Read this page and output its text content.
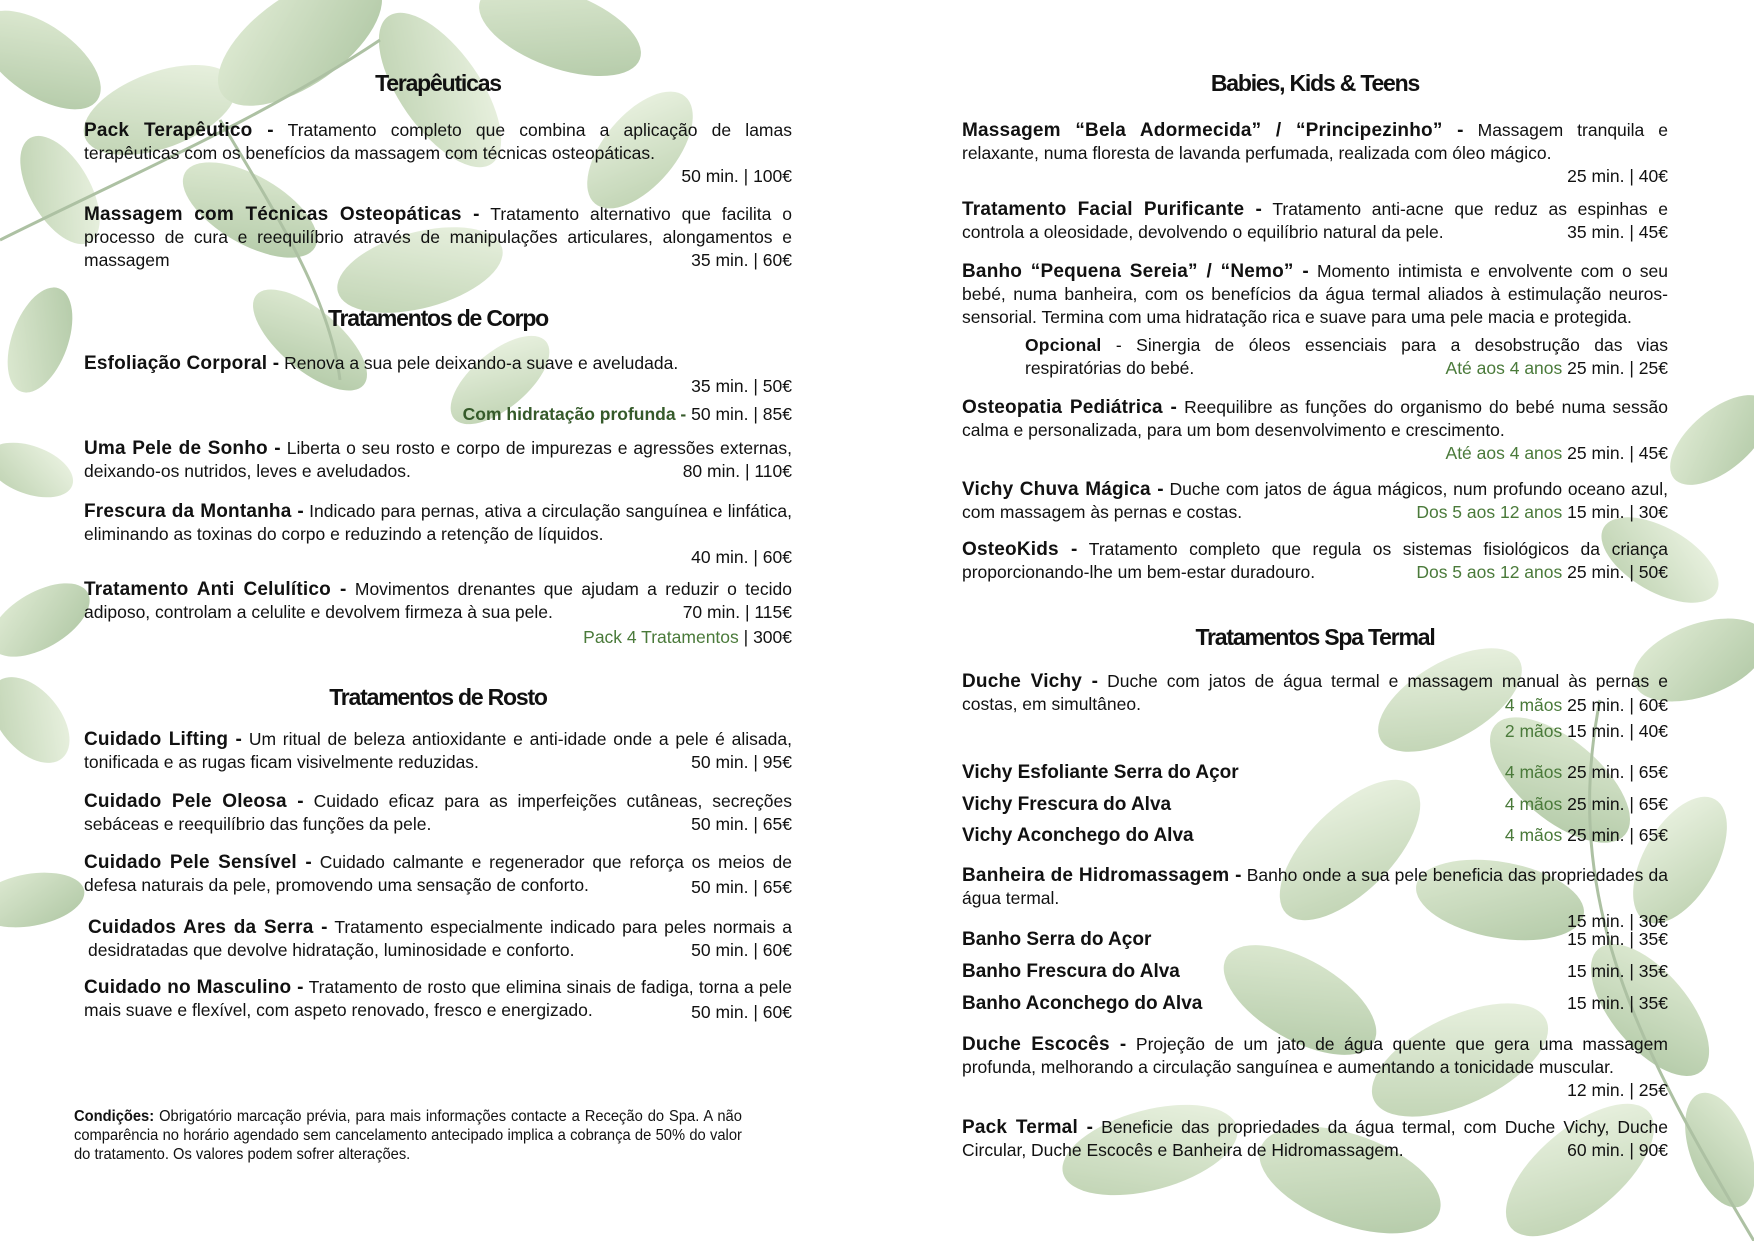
Terapêuticas
Pack Terapêutico - Tratamento completo que combina a aplicação de lamas terapêuticas com os benefícios da massagem com técnicas osteopáticas.
50 min. | 100€
Massagem com Técnicas Osteopáticas - Tratamento alternativo que facilita o processo de cura e reequilíbrio através de manipulações articulares, alongamentos e massagem	35 min. | 60€
Tratamentos de Corpo
Esfoliação Corporal - Renova a sua pele deixando-a suave e aveludada.
35 min. | 50€
Com hidratação profunda - 50 min. | 85€
Uma Pele de Sonho - Liberta o seu rosto e corpo de impurezas e agressões externas, deixando-os nutridos, leves e aveludados.	80 min. | 110€
Frescura da Montanha - Indicado para pernas, ativa a circulação sanguínea e linfática, eliminando as toxinas do corpo e reduzindo a retenção de líquidos.
40 min. | 60€
Tratamento Anti Celulítico - Movimentos drenantes que ajudam a reduzir o tecido adiposo, controlam a celulite e devolvem firmeza à sua pele.	70 min. | 115€
Pack 4 Tratamentos | 300€
Tratamentos de Rosto
Cuidado Lifting - Um ritual de beleza antioxidante e anti-idade onde a pele é alisada, tonificada e as rugas ficam visivelmente reduzidas.	50 min. | 95€
Cuidado Pele Oleosa - Cuidado eficaz para as imperfeições cutâneas, secreções sebáceas e reequilíbrio das funções da pele.	50 min. | 65€
Cuidado Pele Sensível - Cuidado calmante e regenerador que reforça os meios de defesa naturais da pele, promovendo uma sensação de conforto.	50 min. | 65€
Cuidados Ares da Serra - Tratamento especialmente indicado para peles normais a desidratadas que devolve hidratação, luminosidade e conforto.	50 min. | 60€
Cuidado no Masculino - Tratamento de rosto que elimina sinais de fadiga, torna a pele mais suave e flexível, com aspeto renovado, fresco e energizado.	50 min. | 60€
Condições: Obrigatório marcação prévia, para mais informações contacte a Receção do Spa. A não comparência no horário agendado sem cancelamento antecipado implica a cobrança de 50% do valor do tratamento. Os valores podem sofrer alterações.
Babies, Kids & Teens
Massagem “Bela Adormecida” / “Principezinho” - Massagem tranquila e relaxante, numa floresta de lavanda perfumada, realizada com óleo mágico.
25 min. | 40€
Tratamento Facial Purificante - Tratamento anti-acne que reduz as espinhas e controla a oleosidade, devolvendo o equilíbrio natural da pele.	35 min. | 45€
Banho “Pequena Sereia” / “Nemo” - Momento intimista e envolvente com o seu bebé, numa banheira, com os benefícios da água termal aliados à estimulação neuros-sensorial. Termina com uma hidratação rica e suave para uma pele macia e protegida.
Opcional - Sinergia de óleos essenciais para a desobstrução das vias respiratórias do bebé.	Até aos 4 anos 25 min. | 25€
Osteopatia Pediátrica - Reequilibre as funções do organismo do bebé numa sessão calma e personalizada, para um bom desenvolvimento e crescimento.
Até aos 4 anos 25 min. | 45€
Vichy Chuva Mágica - Duche com jatos de água mágicos, num profundo oceano azul, com massagem às pernas e costas.	Dos 5 aos 12 anos 15 min. | 30€
OsteoKids - Tratamento completo que regula os sistemas fisiológicos da criança proporcionando-lhe um bem-estar duradouro.	Dos 5 aos 12 anos 25 min. | 50€
Tratamentos Spa Termal
Duche Vichy - Duche com jatos de água termal e massagem manual às pernas e costas, em simultâneo.	4 mãos 25 min. | 60€
2 mãos 15 min. | 40€
Vichy Esfoliante Serra do Açor	4 mãos 25 min. | 65€
Vichy Frescura do Alva	4 mãos 25 min. | 65€
Vichy Aconchego do Alva	4 mãos 25 min. | 65€
Banheira de Hidromassagem - Banho onde a sua pele beneficia das propriedades da água termal.
15 min. | 30€
Banho Serra do Açor	15 min. | 35€
Banho Frescura do Alva	15 min. | 35€
Banho Aconchego do Alva	15 min. | 35€
Duche Escocês - Projeção de um jato de água quente que gera uma massagem profunda, melhorando a circulação sanguínea e aumentando a tonicidade muscular.
12 min. | 25€
Pack Termal - Beneficie das propriedades da água termal, com Duche Vichy, Duche Circular, Duche Escocês e Banheira de Hidromassagem.	60 min. | 90€
